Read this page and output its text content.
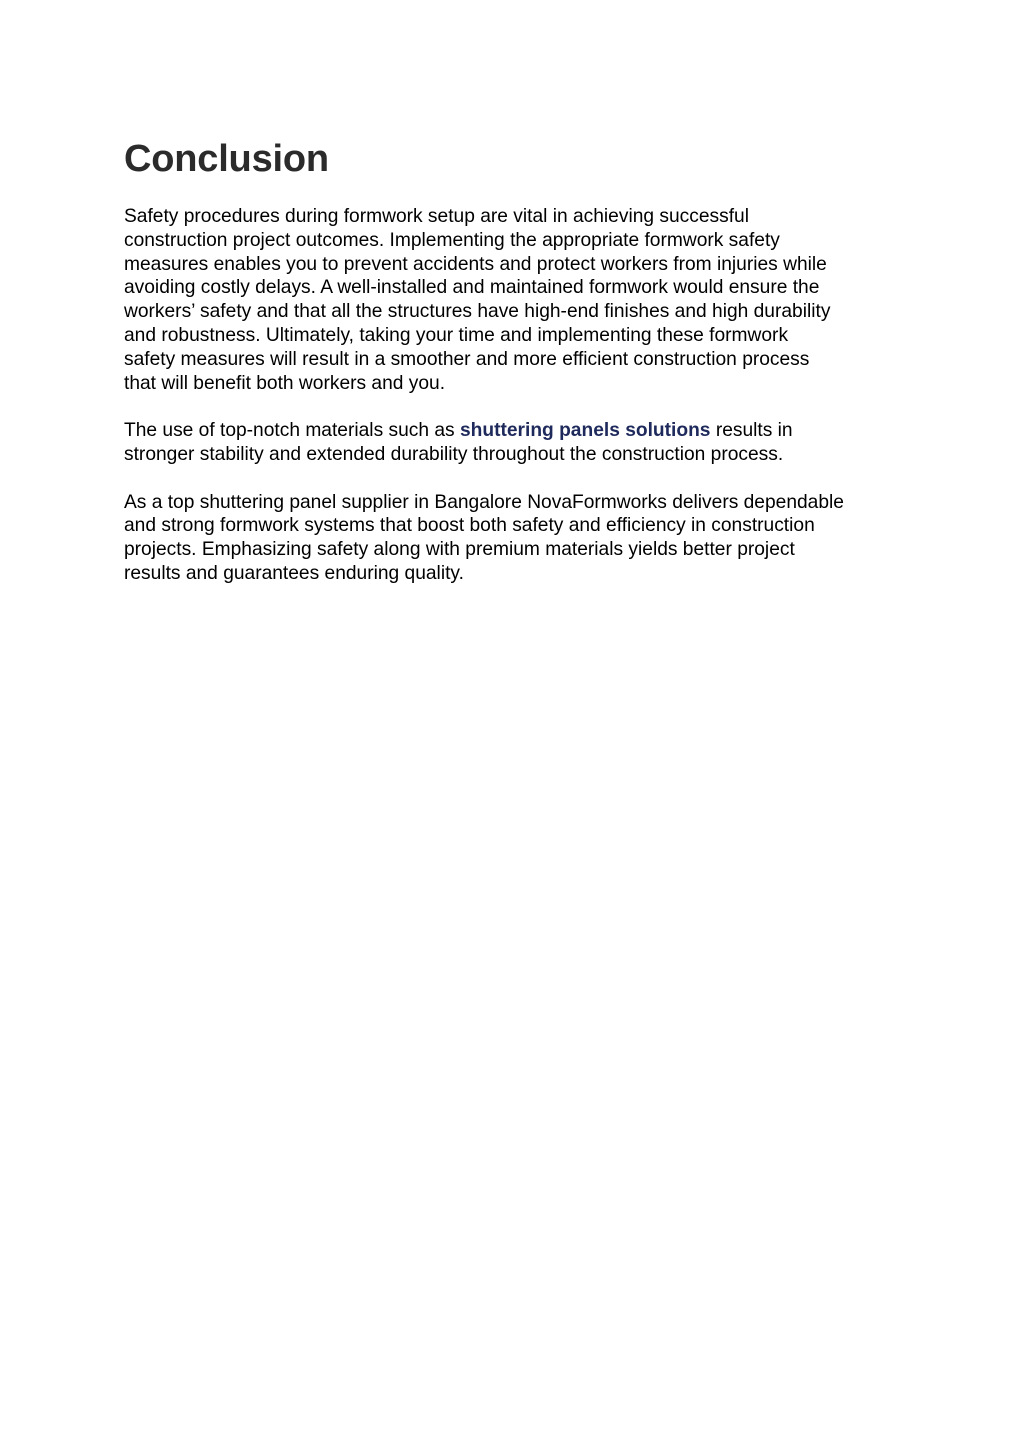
Conclusion

Safety procedures during formwork setup are vital in achieving successful
construction project outcomes. Implementing the appropriate formwork safety
measures enables you to prevent accidents and protect workers from injuries while
avoiding costly delays. A well-installed and maintained formwork would ensure the
workers’ safety and that all the structures have high-end finishes and high durability
and robustness. Ultimately, taking your time and implementing these formwork
safety measures will result in a smoother and more efficient construction process
that will benefit both workers and you.

The use of top-notch materials such as shuttering panels solutions results in
stronger stability and extended durability throughout the construction process.

As a top shuttering panel supplier in Bangalore NovaFormworks delivers dependable
and strong formwork systems that boost both safety and efficiency in construction
projects. Emphasizing safety along with premium materials yields better project
results and guarantees enduring quality.
